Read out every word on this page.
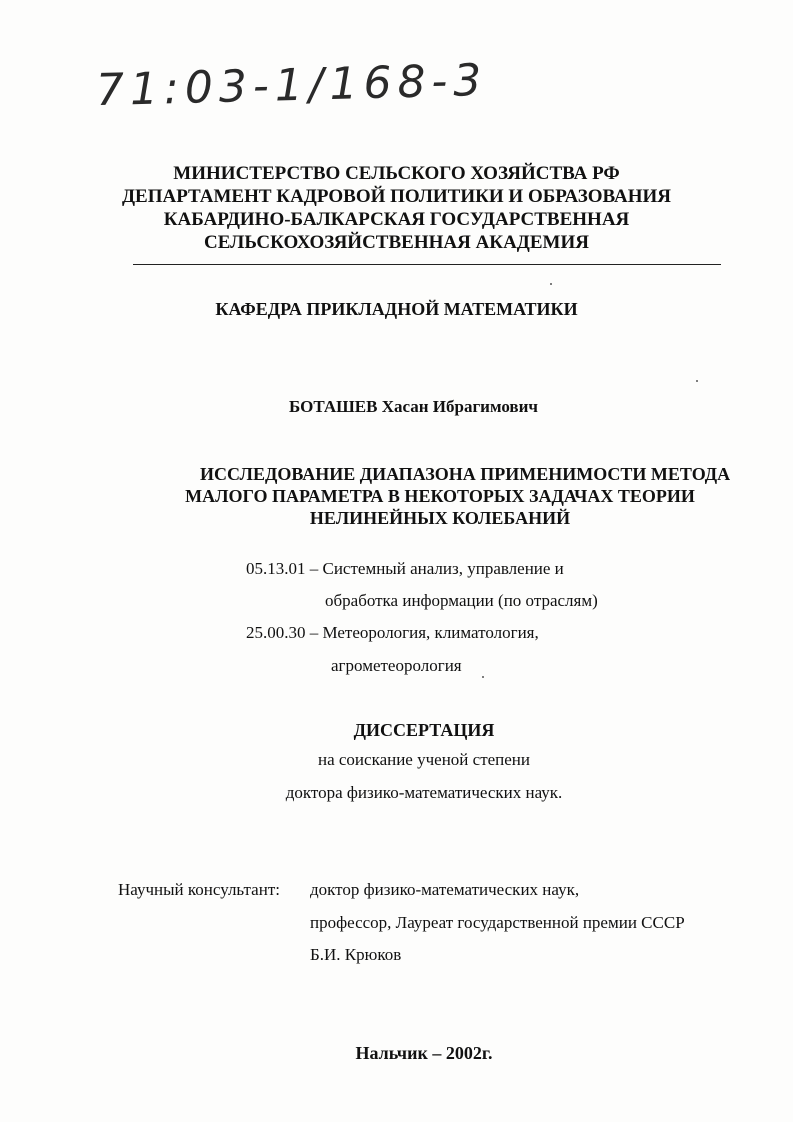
71:03-1/168-3
МИНИСТЕРСТВО СЕЛЬСКОГО ХОЗЯЙСТВА РФ
ДЕПАРТАМЕНТ КАДРОВОЙ ПОЛИТИКИ И ОБРАЗОВАНИЯ
КАБАРДИНО-БАЛКАРСКАЯ ГОСУДАРСТВЕННАЯ
СЕЛЬСКОХОЗЯЙСТВЕННАЯ АКАДЕМИЯ
КАФЕДРА ПРИКЛАДНОЙ МАТЕМАТИКИ
БОТАШЕВ Хасан Ибрагимович
ИССЛЕДОВАНИЕ ДИАПАЗОНА ПРИМЕНИМОСТИ МЕТОДА
МАЛОГО ПАРАМЕТРА В НЕКОТОРЫХ ЗАДАЧАХ ТЕОРИИ
НЕЛИНЕЙНЫХ КОЛЕБАНИЙ
05.13.01 – Системный анализ, управление и
обработка информации (по отраслям)
25.00.30 – Метеорология, климатология,
агрометеорология
ДИССЕРТАЦИЯ
на соискание ученой степени
доктора физико-математических наук.
Научный консультант: доктор физико-математических наук,
профессор, Лауреат государственной премии СССР
Б.И. Крюков
Нальчик – 2002г.
